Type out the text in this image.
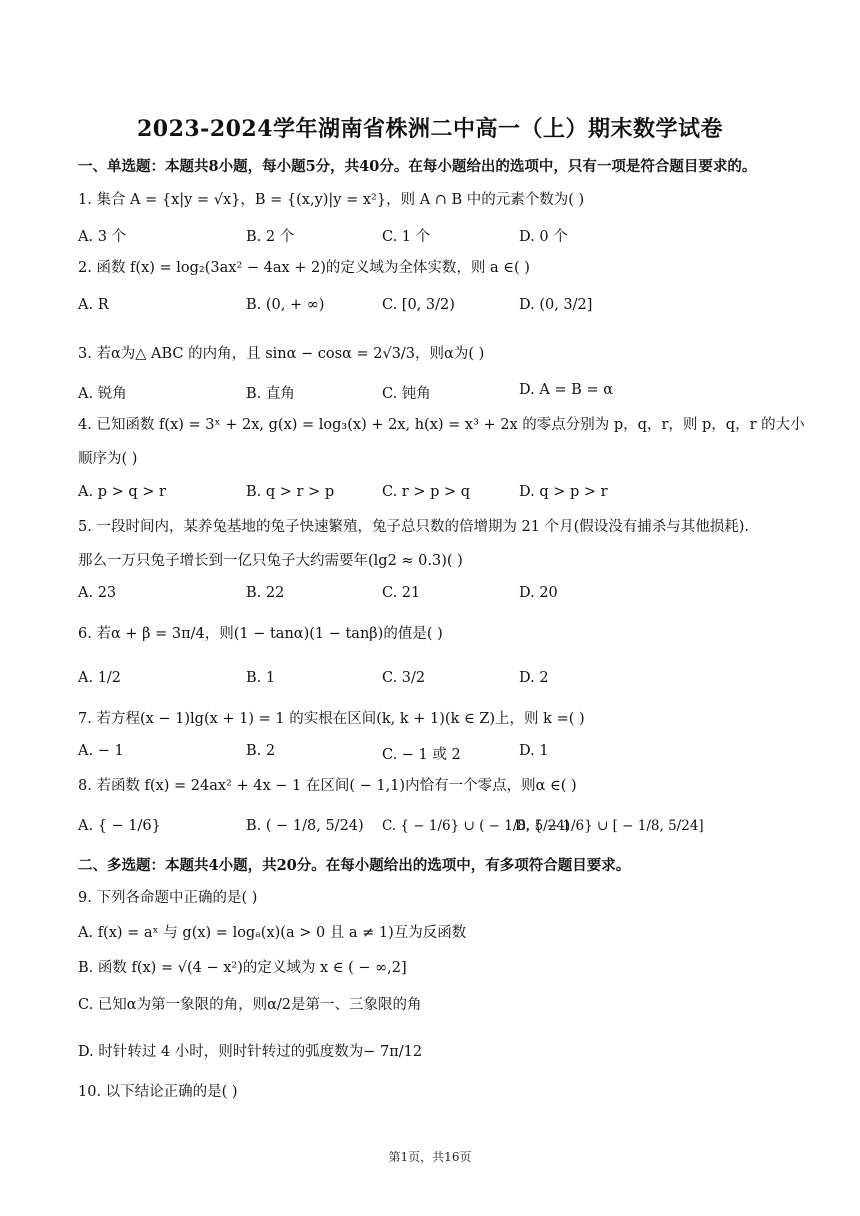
2023-2024学年湖南省株洲二中高一（上）期末数学试卷
一、单选题：本题共8小题，每小题5分，共40分。在每小题给出的选项中，只有一项是符合题目要求的。
1. 集合 A = {x|y = √x}，B = {(x,y)|y = x²}，则 A ∩ B 中的元素个数为( )
A. 3 个	B. 2 个	C. 1 个	D. 0 个
2. 函数 f(x) = log₂(3ax² − 4ax + 2)的定义域为全体实数，则 a ∈( )
A. R	B. (0, + ∞)	C. [0, 3/2)	D. (0, 3/2]
3. 若α为△ ABC 的内角，且 sinα − cosα = 2√3/3，则α为( )
A. 锐角	B. 直角	C. 钝角	D. A = B = α
4. 已知函数 f(x) = 3ˣ + 2x, g(x) = log₃(x) + 2x, h(x) = x³ + 2x 的零点分别为 p，q，r，则 p，q，r 的大小
顺序为( )
A. p > q > r	B. q > r > p	C. r > p > q	D. q > p > r
5. 一段时间内，某养兔基地的兔子快速繁殖，兔子总只数的倍增期为 21 个月(假设没有捕杀与其他损耗).
那么一万只兔子增长到一亿只兔子大约需要年(lg2 ≈ 0.3)( )
A. 23	B. 22	C. 21	D. 20
6. 若α + β = 3π/4，则(1 − tanα)(1 − tanβ)的值是( )
A. 1/2	B. 1	C. 3/2	D. 2
7. 若方程(x − 1)lg(x + 1) = 1 的实根在区间(k, k + 1)(k ∈ Z)上，则 k =( )
A. − 1	B. 2	C. − 1 或 2	D. 1
8. 若函数 f(x) = 24ax² + 4x − 1 在区间( − 1,1)内恰有一个零点，则α ∈( )
A. { − 1/6}	B. ( − 1/8, 5/24) C. { − 1/6} ∪ ( − 1/8, 5/24)
D. { − 1/6} ∪ [ − 1/8, 5/24]
二、多选题：本题共4小题，共20分。在每小题给出的选项中，有多项符合题目要求。
9. 下列各命题中正确的是( )
A. f(x) = aˣ 与 g(x) = logₐ(x)(a > 0 且 a ≠ 1)互为反函数
B. 函数 f(x) = √(4 − x²)的定义域为 x ∈ ( − ∞,2]
C. 已知α为第一象限的角，则α/2是第一、三象限的角
D. 时针转过 4 小时，则时针转过的弧度数为− 7π/12
10. 以下结论正确的是( )
第1页，共16页
